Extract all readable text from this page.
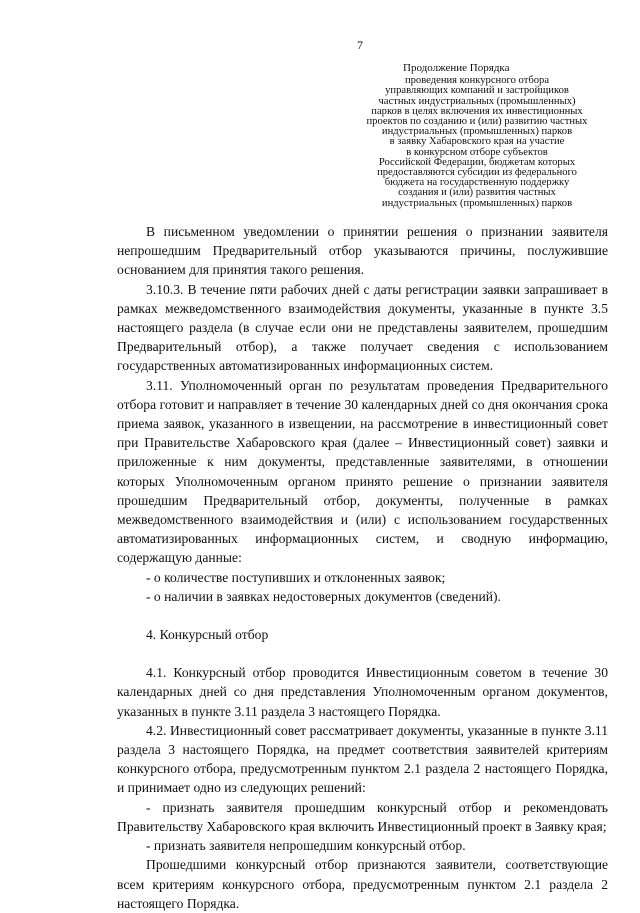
7
Продолжение Порядка
проведения конкурсного отбора
управляющих компаний и застройщиков
частных индустриальных (промышленных)
парков в целях включения их инвестиционных
проектов по созданию и (или) развитию частных
индустриальных (промышленных) парков
в заявку Хабаровского края на участие
в конкурсном отборе субъектов
Российской Федерации, бюджетам которых
предоставляются субсидии из федерального
бюджета на государственную поддержку
создания и (или) развития частных
индустриальных (промышленных) парков

В письменном уведомлении о принятии решения о признании заявителя непрошедшим Предварительный отбор указываются причины, послужившие основанием для принятия такого решения.

3.10.3. В течение пяти рабочих дней с даты регистрации заявки запрашивает в рамках межведомственного взаимодействия документы, указанные в пункте 3.5 настоящего раздела (в случае если они не представлены заявителем, прошедшим Предварительный отбор), а также получает сведения с использованием государственных автоматизированных информационных систем.

3.11. Уполномоченный орган по результатам проведения Предварительного отбора готовит и направляет в течение 30 календарных дней со дня окончания срока приема заявок, указанного в извещении, на рассмотрение в инвестиционный совет при Правительстве Хабаровского края (далее – Инвестиционный совет) заявки и приложенные к ним документы, представленные заявителями, в отношении которых Уполномоченным органом принято решение о признании заявителя прошедшим Предварительный отбор, документы, полученные в рамках межведомственного взаимодействия и (или) с использованием государственных автоматизированных информационных систем, и сводную информацию, содержащую данные:

- о количестве поступивших и отклоненных заявок;

- о наличии в заявках недостоверных документов (сведений).

4. Конкурсный отбор

4.1. Конкурсный отбор проводится Инвестиционным советом в течение 30 календарных дней со дня представления Уполномоченным органом документов, указанных в пункте 3.11 раздела 3 настоящего Порядка.

4.2. Инвестиционный совет рассматривает документы, указанные в пункте 3.11 раздела 3 настоящего Порядка, на предмет соответствия заявителей критериям конкурсного отбора, предусмотренным пунктом 2.1 раздела 2 настоящего Порядка, и принимает одно из следующих решений:

- признать заявителя прошедшим конкурсный отбор и рекомендовать Правительству Хабаровского края включить Инвестиционный проект в Заявку края;

- признать заявителя непрошедшим конкурсный отбор.

Прошедшими конкурсный отбор признаются заявители, соответствующие всем критериям конкурсного отбора, предусмотренным пунктом 2.1 раздела 2 настоящего Порядка.
